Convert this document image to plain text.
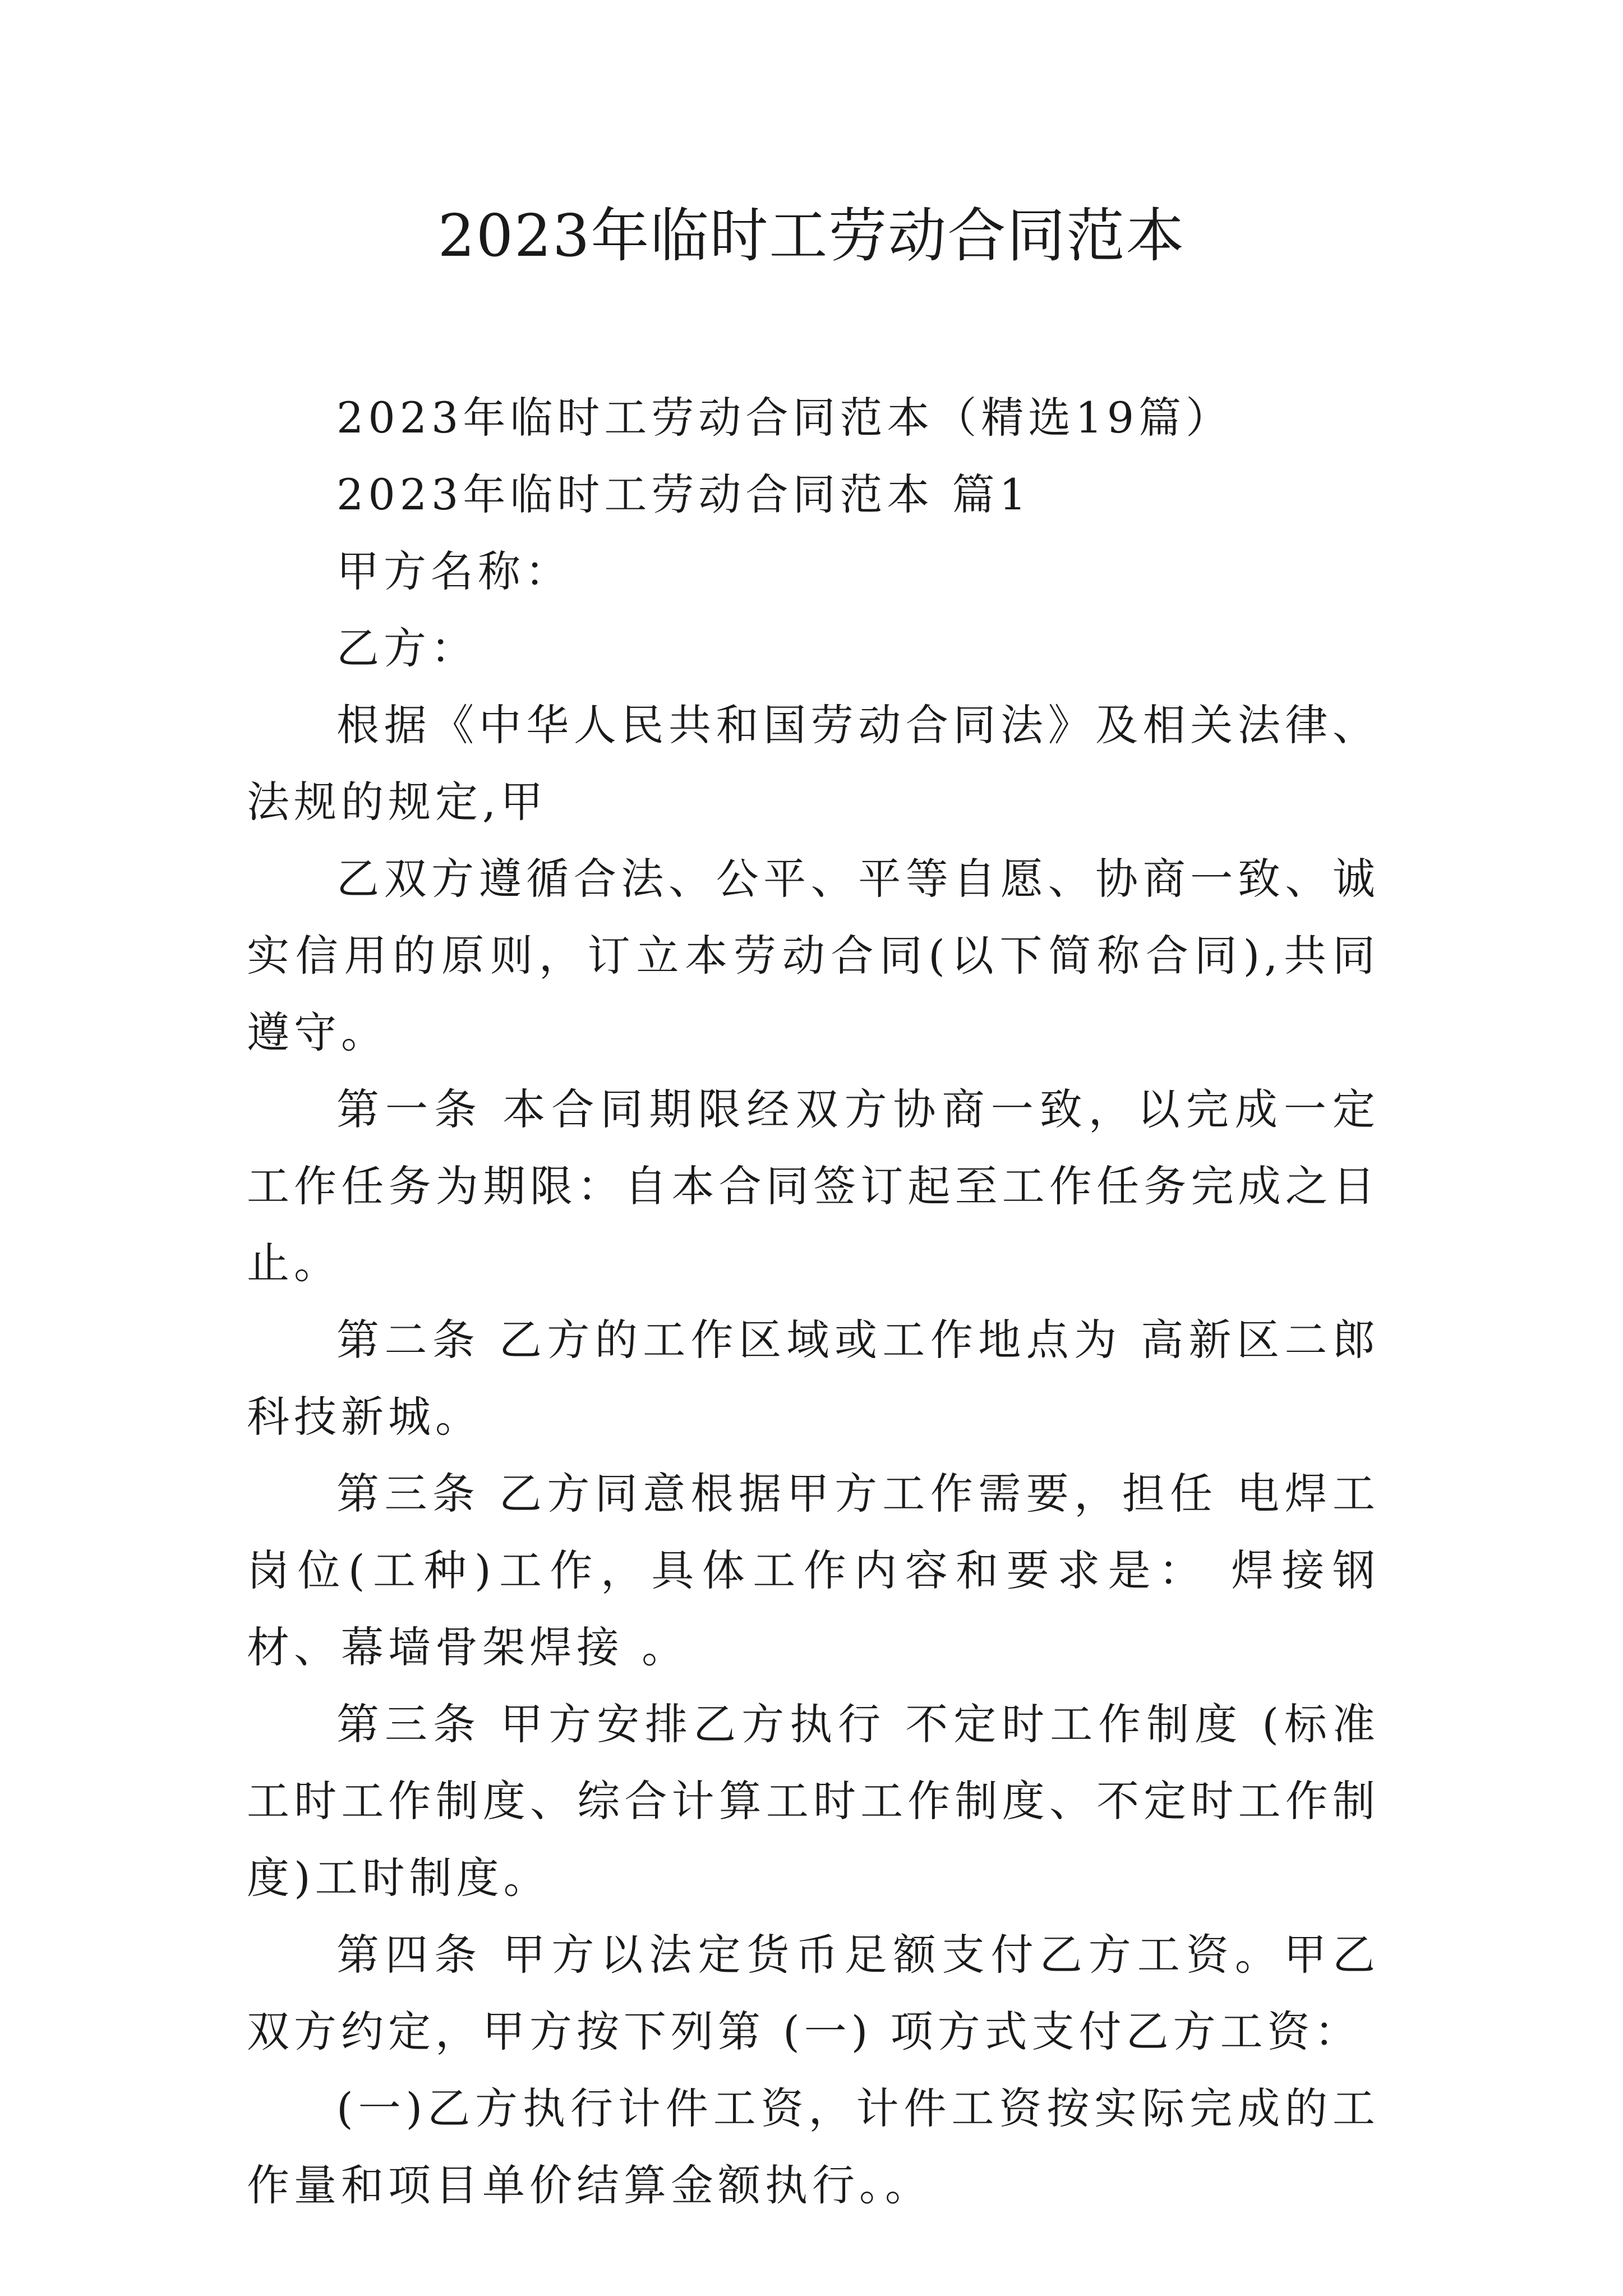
2023年临时工劳动合同范本

2023年临时工劳动合同范本（精选19篇）

2023年临时工劳动合同范本 篇1

甲方名称：

乙方：

根据《中华人民共和国劳动合同法》及相关法律、法规的规定,甲

乙双方遵循合法、公平、平等自愿、协商一致、诚实信用的原则，订立本劳动合同(以下简称合同),共同遵守。

第一条 本合同期限经双方协商一致，以完成一定工作任务为期限：自本合同签订起至工作任务完成之日止。

第二条 乙方的工作区域或工作地点为 高新区二郎科技新城。

第三条 乙方同意根据甲方工作需要，担任 电焊工 岗位(工种)工作，具体工作内容和要求是： 焊接钢材、幕墙骨架焊接 。

第三条 甲方安排乙方执行 不定时工作制度 (标准工时工作制度、综合计算工时工作制度、不定时工作制度)工时制度。

第四条 甲方以法定货币足额支付乙方工资。甲乙双方约定，甲方按下列第 (一) 项方式支付乙方工资：

(一)乙方执行计件工资，计件工资按实际完成的工作量和项目单价结算金额执行。。
